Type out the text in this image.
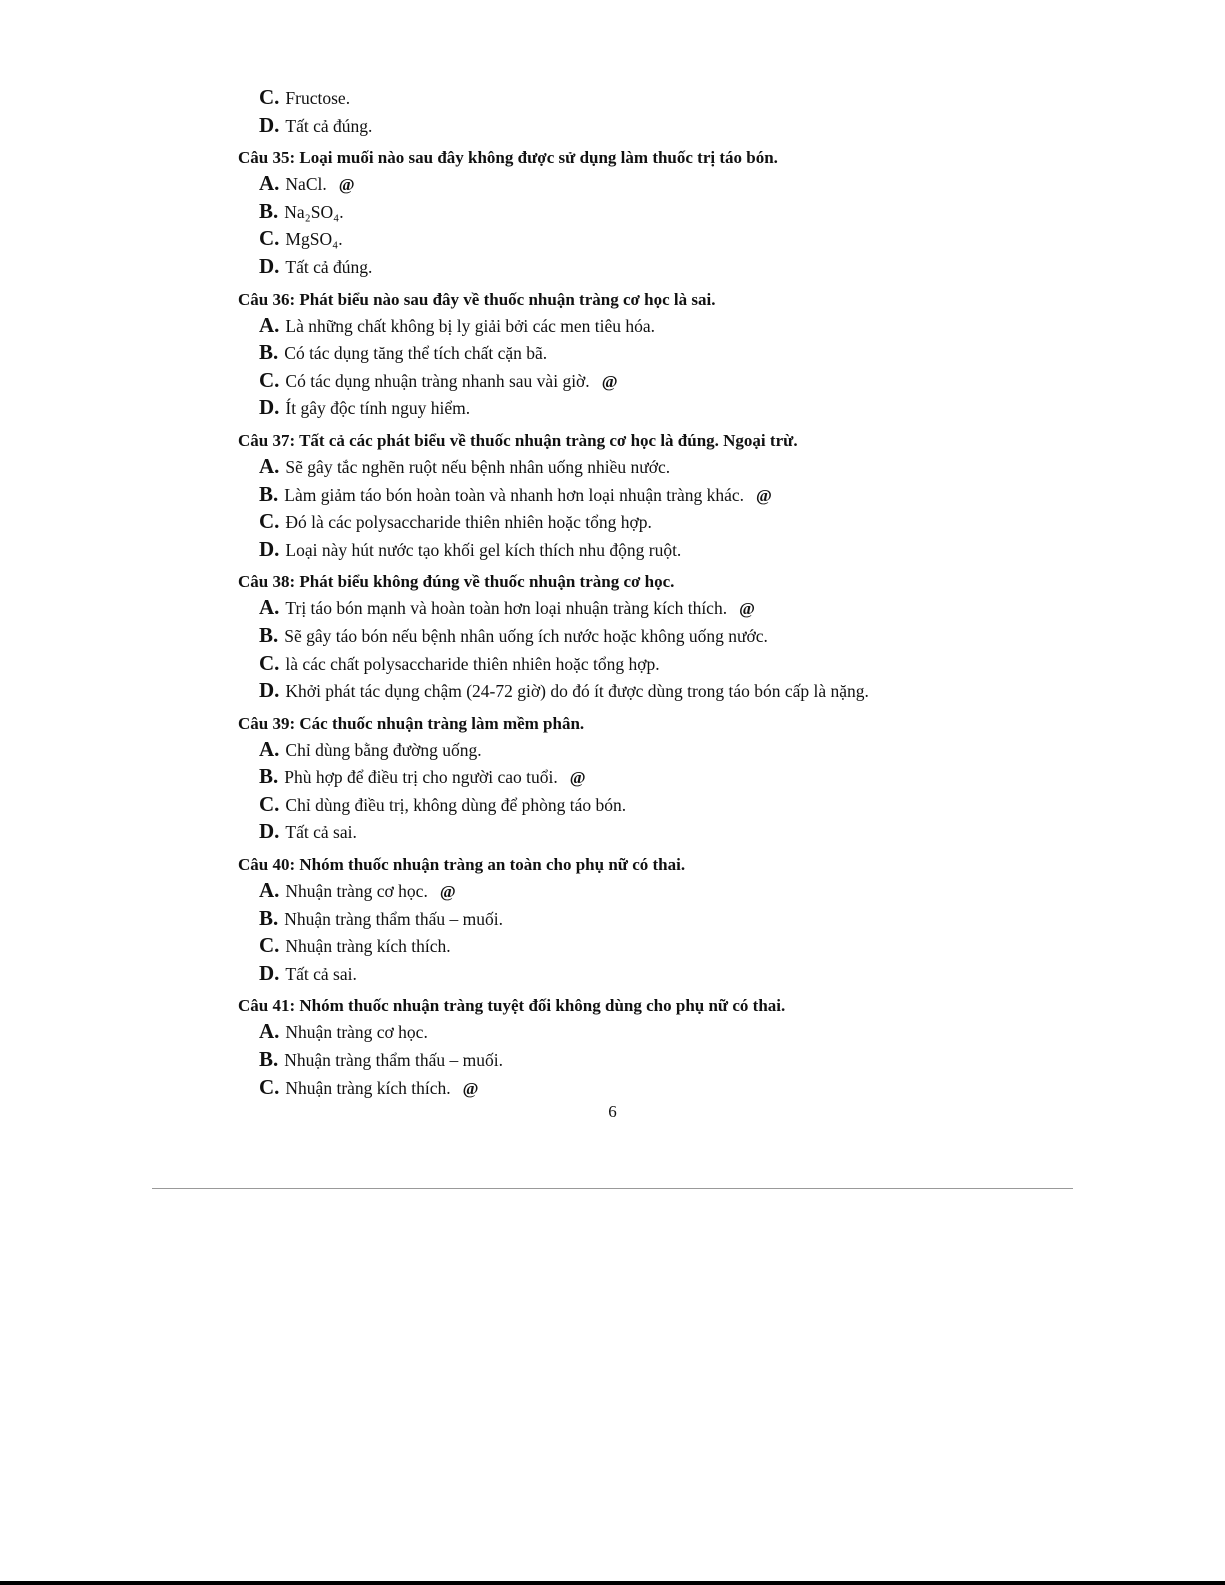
C. Fructose.
D. Tất cả đúng.
Câu 35: Loại muối nào sau đây không được sử dụng làm thuốc trị táo bón.
A. NaCl. @
B. Na₂SO₄.
C. MgSO₄.
D. Tất cả đúng.
Câu 36: Phát biểu nào sau đây về thuốc nhuận tràng cơ học là sai.
A. Là những chất không bị ly giải bởi các men tiêu hóa.
B. Có tác dụng tăng thể tích chất cặn bã.
C. Có tác dụng nhuận tràng nhanh sau vài giờ. @
D. Ít gây độc tính nguy hiểm.
Câu 37: Tất cả các phát biểu về thuốc nhuận tràng cơ học là đúng. Ngoại trừ.
A. Sẽ gây tắc nghẽn ruột nếu bệnh nhân uống nhiều nước.
B. Làm giảm táo bón hoàn toàn và nhanh hơn loại nhuận tràng khác. @
C. Đó là các polysaccharide thiên nhiên hoặc tổng hợp.
D. Loại này hút nước tạo khối gel kích thích nhu động ruột.
Câu 38: Phát biểu không đúng về thuốc nhuận tràng cơ học.
A. Trị táo bón mạnh và hoàn toàn hơn loại nhuận tràng kích thích. @
B. Sẽ gây táo bón nếu bệnh nhân uống ích nước hoặc không uống nước.
C. là các chất polysaccharide thiên nhiên hoặc tổng hợp.
D. Khởi phát tác dụng chậm (24-72 giờ) do đó ít được dùng trong táo bón cấp là nặng.
Câu 39: Các thuốc nhuận tràng làm mềm phân.
A. Chỉ dùng bằng đường uống.
B. Phù hợp để điều trị cho người cao tuổi. @
C. Chỉ dùng điều trị, không dùng để phòng táo bón.
D. Tất cả sai.
Câu 40: Nhóm thuốc nhuận tràng an toàn cho phụ nữ có thai.
A. Nhuận tràng cơ học. @
B. Nhuận tràng thẩm thấu – muối.
C. Nhuận tràng kích thích.
D. Tất cả sai.
Câu 41: Nhóm thuốc nhuận tràng tuyệt đối không dùng cho phụ nữ có thai.
A. Nhuận tràng cơ học.
B. Nhuận tràng thẩm thấu – muối.
C. Nhuận tràng kích thích. @
6
